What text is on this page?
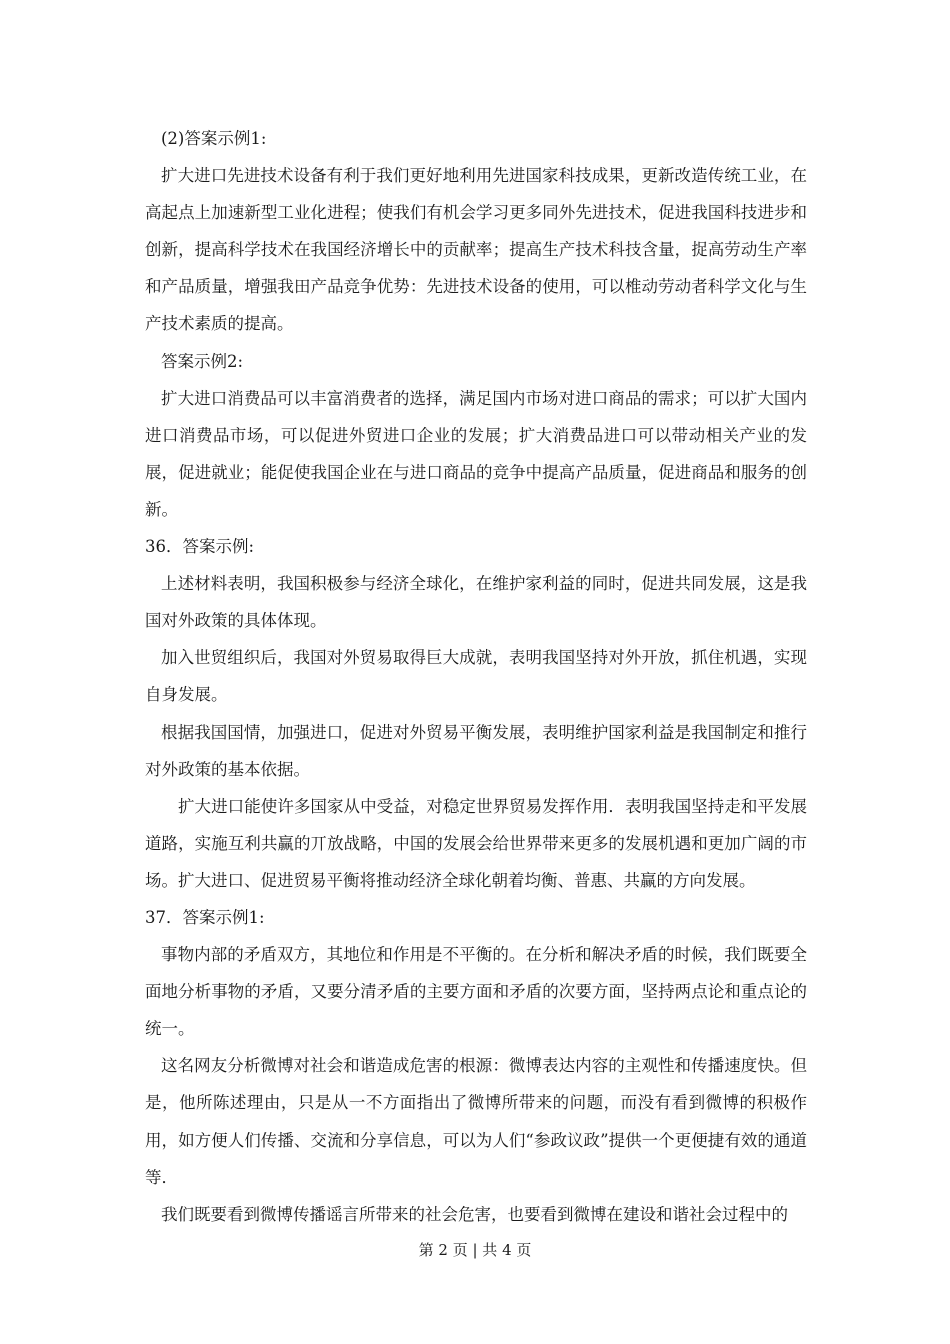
(2)答案示例1:

扩大进口先进技术设备有利于我们更好地利用先进国家科技成果，更新改造传统工业，在高起点上加速新型工业化进程；使我们有机会学习更多同外先进技术，促进我国科技进步和创新，提高科学技术在我国经济增长中的贡献率；提高生产技术科技含量，捉高劳动生产率和产品质量，增强我田产品竞争优势：先进技术设备的使用，可以椎动劳动者科学文化与生产技术素质的提高。

答案示例2:

扩大进口消费品可以丰富消费者的选择，满足国内市场对进口商品的需求；可以扩大国内进口消费品市场，可以促进外贸进口企业的发展；扩大消费品进口可以带动相关产业的发展，促进就业；能促使我国企业在与进口商品的竞争中提高产品质量，促进商品和服务的创新。

36．答案示例:

上述材料表明，我国积极参与经济全球化，在维护家利益的同时，促进共同发展，这是我国对外政策的具体体现。

加入世贸组织后，我国对外贸易取得巨大成就，表明我国坚持对外开放，抓住机遇，实现自身发展。

根据我国国情，加强进口，促进对外贸易平衡发展，表明维护国家利益是我国制定和推行对外政策的基本依据。

扩大进口能使许多国家从中受益，对稳定世界贸易发挥作用．表明我国坚持走和平发展道路，实施互利共赢的丌放战略，中国的发展会给世界带来更多的发展机遇和更加广阔的市场。扩大进口、促进贸易平衡将推动经济全球化朝着均衡、普惠、共赢的方向发展。

37．答案示例1:

事物内部的矛盾双方，其地位和作用是不平衡的。在分析和解决矛盾的时候，我们既要全面地分析事物的矛盾，又要分清矛盾的主要方面和矛盾的次要方面，坚持两点论和重点论的统一。

这名网友分析微博对社会和谐造成危害的根源：微博表达内容的主观性和传播速度快。但是，他所陈述理由，只是从一不方面指出了微博所带来的问题，而没有看到微博的积极作用，如方便人们传播、交流和分享信息，可以为人们“参政议政”提供一个更便捷有效的通道等．

我们既要看到微博传播谣言所带来的社会危害，也要看到微博在建设和谐社会过程中的

第 2 页 | 共 4 页
